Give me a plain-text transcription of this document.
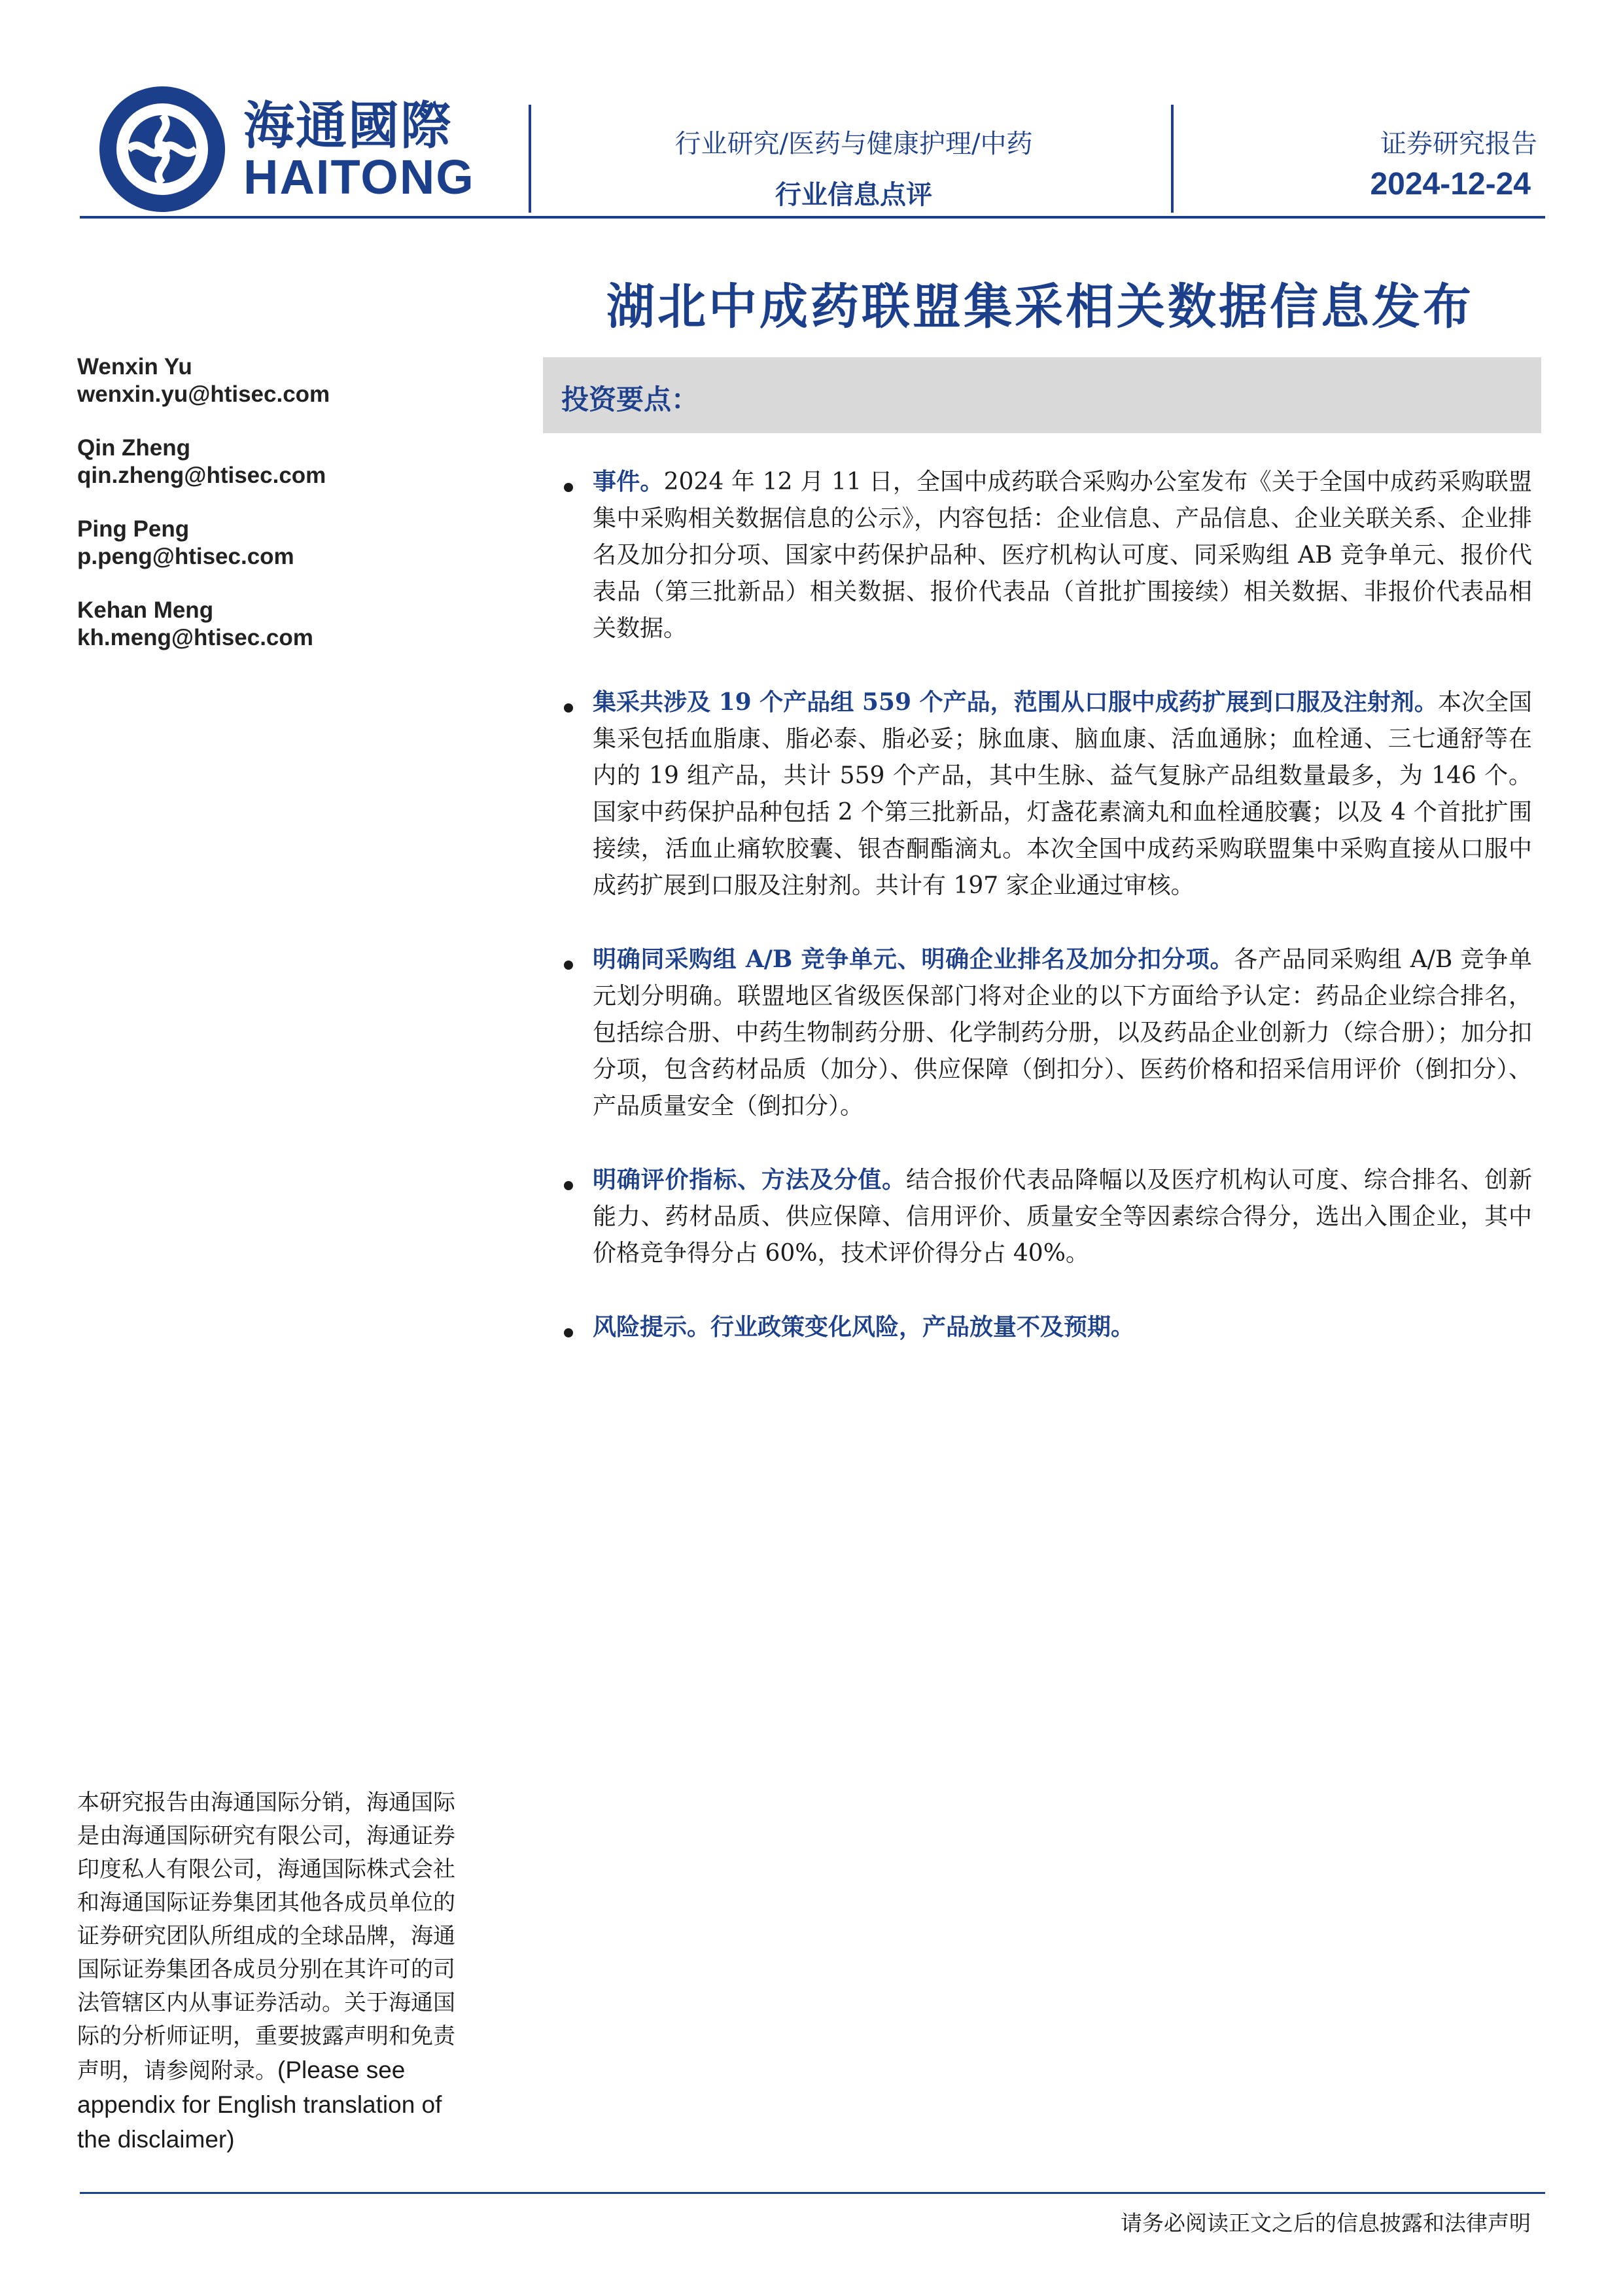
海通國際
HAITONG
行业研究/医药与健康护理/中药
行业信息点评
证券研究报告
2024-12-24
湖北中成药联盟集采相关数据信息发布
Wenxin Yu
wenxin.yu@htisec.com
Qin Zheng
qin.zheng@htisec.com
Ping Peng
p.peng@htisec.com
Kehan Meng
kh.meng@htisec.com
投资要点：

事件。2024 年 12 月 11 日，全国中成药联合采购办公室发布《关于全国中成药采购联盟集中采购相关数据信息的公示》，内容包括：企业信息、产品信息、企业关联关系、企业排名及加分扣分项、国家中药保护品种、医疗机构认可度、同采购组 AB 竞争单元、报价代表品（第三批新品）相关数据、报价代表品（首批扩围接续）相关数据、非报价代表品相关数据。

集采共涉及 19 个产品组 559 个产品，范围从口服中成药扩展到口服及注射剂。本次全国集采包括血脂康、脂必泰、脂必妥；脉血康、脑血康、活血通脉；血栓通、三七通舒等在内的 19 组产品，共计 559 个产品，其中生脉、益气复脉产品组数量最多，为 146 个。国家中药保护品种包括 2 个第三批新品，灯盏花素滴丸和血栓通胶囊；以及 4 个首批扩围接续，活血止痛软胶囊、银杏酮酯滴丸。本次全国中成药采购联盟集中采购直接从口服中成药扩展到口服及注射剂。共计有 197 家企业通过审核。

明确同采购组 A/B 竞争单元、明确企业排名及加分扣分项。各产品同采购组 A/B 竞争单元划分明确。联盟地区省级医保部门将对企业的以下方面给予认定：药品企业综合排名，包括综合册、中药生物制药分册、化学制药分册，以及药品企业创新力（综合册）；加分扣分项，包含药材品质（加分）、供应保障（倒扣分）、医药价格和招采信用评价（倒扣分）、产品质量安全（倒扣分）。

明确评价指标、方法及分值。结合报价代表品降幅以及医疗机构认可度、综合排名、创新能力、药材品质、供应保障、信用评价、质量安全等因素综合得分，选出入围企业，其中价格竞争得分占 60%，技术评价得分占 40%。

风险提示。行业政策变化风险，产品放量不及预期。

本研究报告由海通国际分销，海通国际是由海通国际研究有限公司，海通证券印度私人有限公司，海通国际株式会社和海通国际证券集团其他各成员单位的证券研究团队所组成的全球品牌，海通国际证券集团各成员分别在其许可的司法管辖区内从事证券活动。关于海通国际的分析师证明，重要披露声明和免责声明，请参阅附录。(Please see appendix for English translation of the disclaimer)
请务必阅读正文之后的信息披露和法律声明
